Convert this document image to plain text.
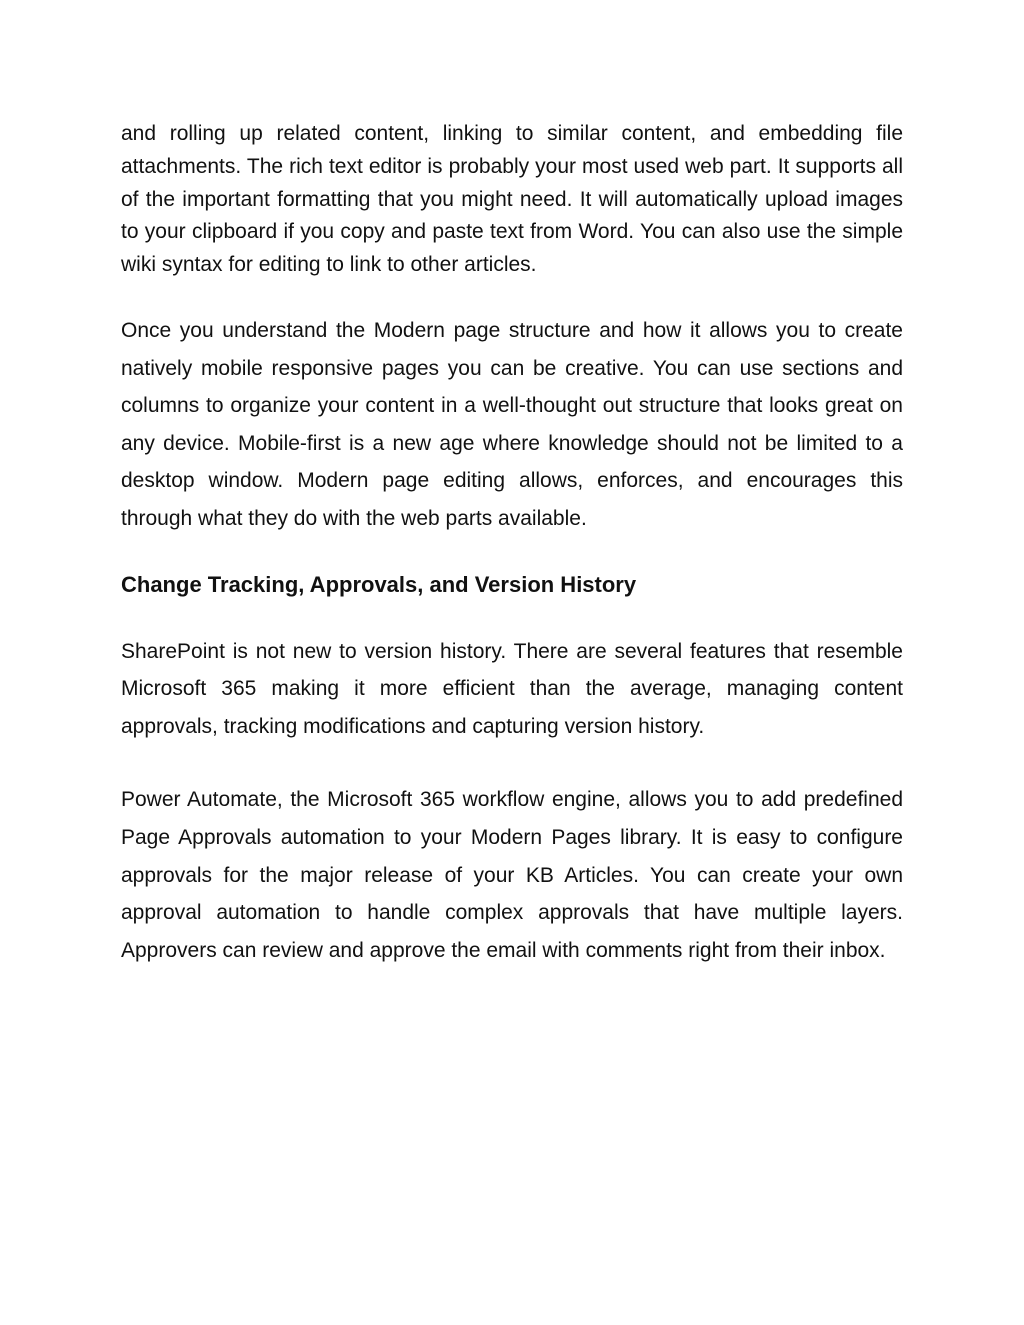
and rolling up related content, linking to similar content, and embedding file attachments. The rich text editor is probably your most used web part. It supports all of the important formatting that you might need. It will automatically upload images to your clipboard if you copy and paste text from Word. You can also use the simple wiki syntax for editing to link to other articles.

Once you understand the Modern page structure and how it allows you to create natively mobile responsive pages you can be creative. You can use sections and columns to organize your content in a well-thought out structure that looks great on any device. Mobile-first is a new age where knowledge should not be limited to a desktop window. Modern page editing allows, enforces, and encourages this through what they do with the web parts available.

Change Tracking, Approvals, and Version History

SharePoint is not new to version history. There are several features that resemble Microsoft 365 making it more efficient than the average, managing content approvals, tracking modifications and capturing version history.

Power Automate, the Microsoft 365 workflow engine, allows you to add predefined Page Approvals automation to your Modern Pages library. It is easy to configure approvals for the major release of your KB Articles. You can create your own approval automation to handle complex approvals that have multiple layers. Approvers can review and approve the email with comments right from their inbox.
